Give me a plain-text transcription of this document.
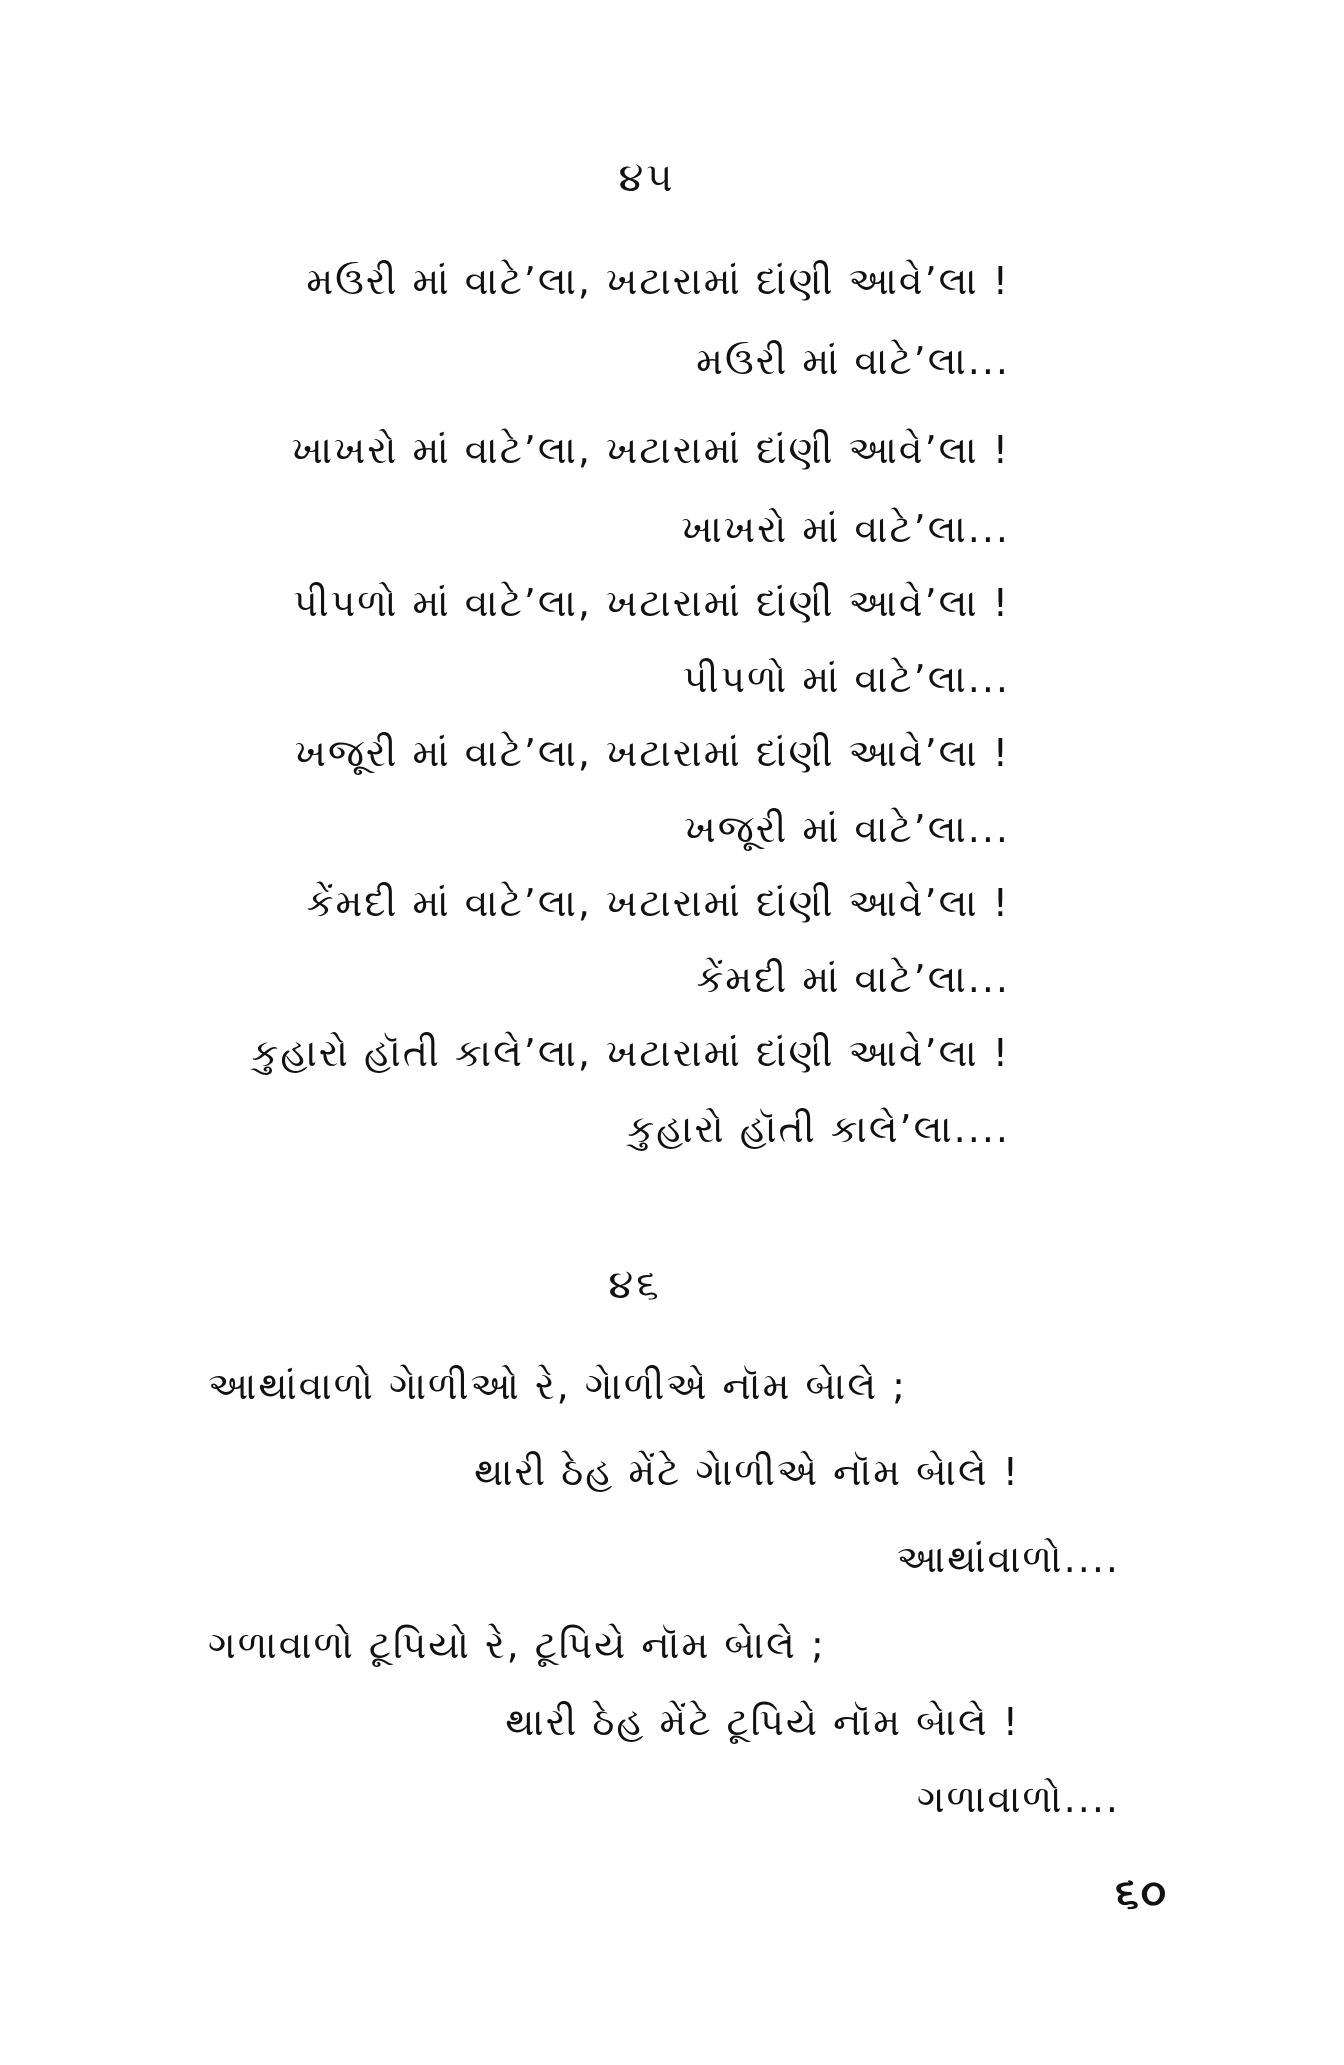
૪૫
મઉરી માં વાટે’લા, ખટારામાં દાંણી આવે’લા !
મઉરી માં વાટે’લા...
ખાખરો માં વાટે’લા, ખટારામાં દાંણી આવે’લા !
ખાખરો માં વાટે’લા...
પીપળો માં વાટે’લા, ખટારામાં દાંણી આવે’લા !
પીપળો માં વાટે’લા...
ખજૂરી માં વાટે’લા, ખટારામાં દાંણી આવે’લા !
ખજૂરી માં વાટે’લા...
કેંમદી માં વાટે’લા, ખટારામાં દાંણી આવે’લા !
કેંમદી માં વાટે’લા...
કુહારો હૉતી કાલે’લા, ખટારામાં દાંણી આવે’લા !
કુહારો હૉતી કાલે’લા....
૪૬
આથાંવાળો ગેાળીઓ રે, ગેાળીએ નૉમ બેાલે ;
થારી ઠેહ મેંટે ગેાળીએ નૉમ બેાલે !
આથાંવાળો....
ગળાવાળો ટૂપિયો રે, ટૂપિયે નૉમ બેાલે ;
થારી ઠેહ મેંટે ટૂપિયે નૉમ બેાલે !
ગળાવાળો....
૬૦
